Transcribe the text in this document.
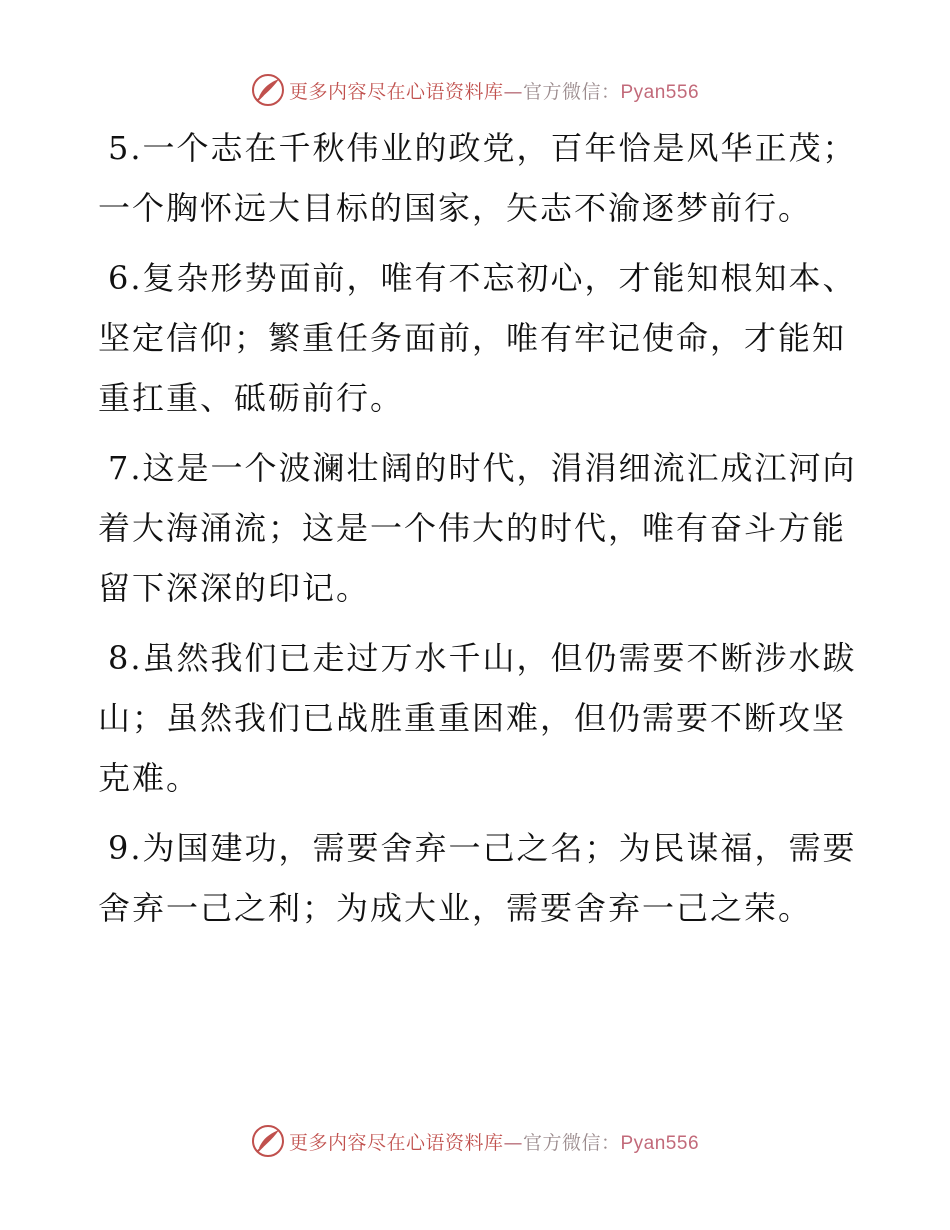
更多内容尽在心语资料库—官方微信：Pyan556

5.一个志在千秋伟业的政党，百年恰是风华正茂；一个胸怀远大目标的国家，矢志不渝逐梦前行。

6.复杂形势面前，唯有不忘初心，才能知根知本、坚定信仰；繁重任务面前，唯有牢记使命，才能知重扛重、砥砺前行。

7.这是一个波澜壮阔的时代，涓涓细流汇成江河向着大海涌流；这是一个伟大的时代，唯有奋斗方能留下深深的印记。

8.虽然我们已走过万水千山，但仍需要不断涉水跋山；虽然我们已战胜重重困难，但仍需要不断攻坚克难。

9.为国建功，需要舍弃一己之名；为民谋福，需要舍弃一己之利；为成大业，需要舍弃一己之荣。

更多内容尽在心语资料库—官方微信：Pyan556
